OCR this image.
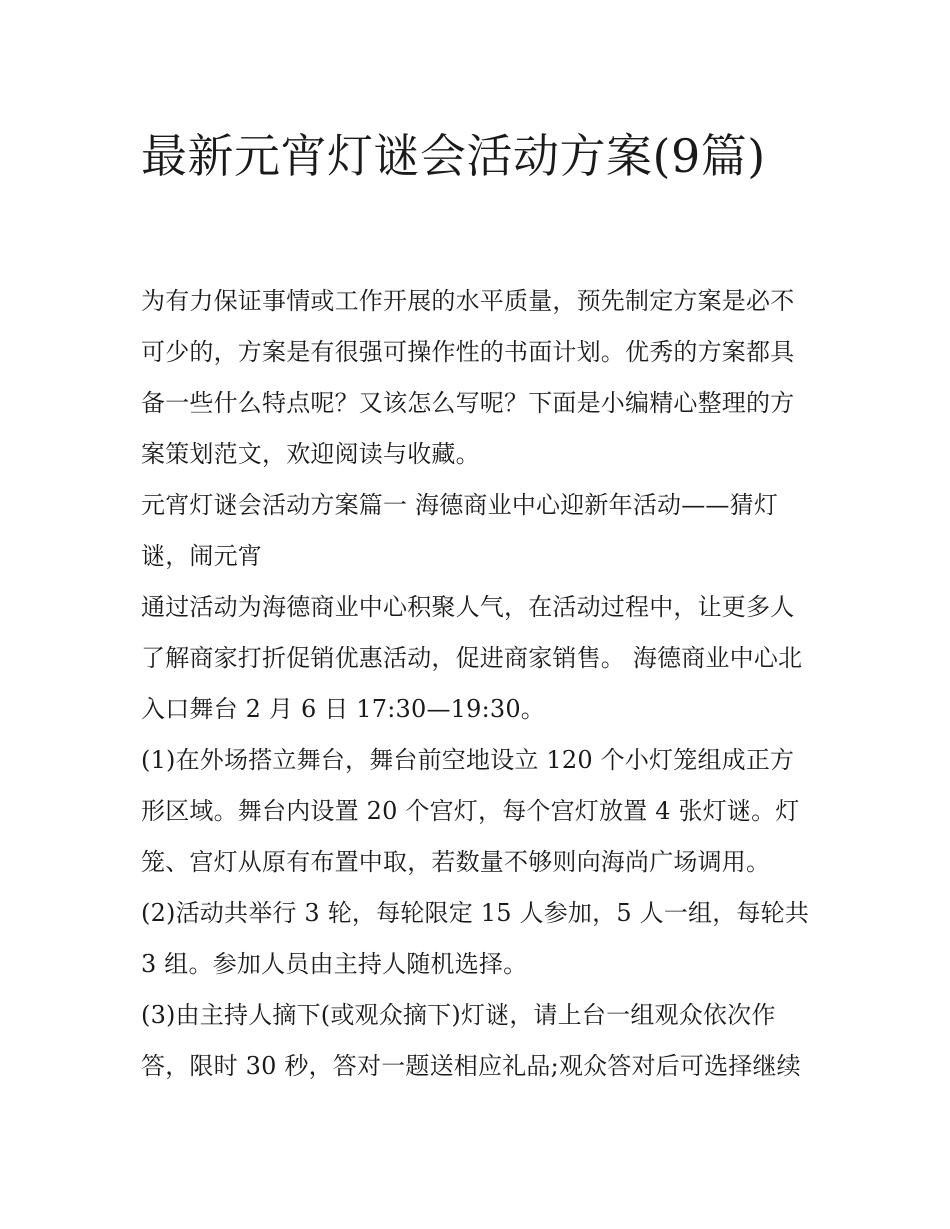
最新元宵灯谜会活动方案(9篇)

为有力保证事情或工作开展的水平质量，预先制定方案是必不可少的，方案是有很强可操作性的书面计划。优秀的方案都具备一些什么特点呢？又该怎么写呢？下面是小编精心整理的方案策划范文，欢迎阅读与收藏。

元宵灯谜会活动方案篇一 海德商业中心迎新年活动——猜灯谜，闹元宵

通过活动为海德商业中心积聚人气，在活动过程中，让更多人了解商家打折促销优惠活动，促进商家销售。 海德商业中心北入口舞台 2 月 6 日 17:30—19:30。

(1)在外场搭立舞台，舞台前空地设立 120 个小灯笼组成正方形区域。舞台内设置 20 个宫灯，每个宫灯放置 4 张灯谜。灯笼、宫灯从原有布置中取，若数量不够则向海尚广场调用。

(2)活动共举行 3 轮，每轮限定 15 人参加，5 人一组，每轮共 3 组。参加人员由主持人随机选择。

(3)由主持人摘下(或观众摘下)灯谜，请上台一组观众依次作答，限时 30 秒，答对一题送相应礼品;观众答对后可选择继续
